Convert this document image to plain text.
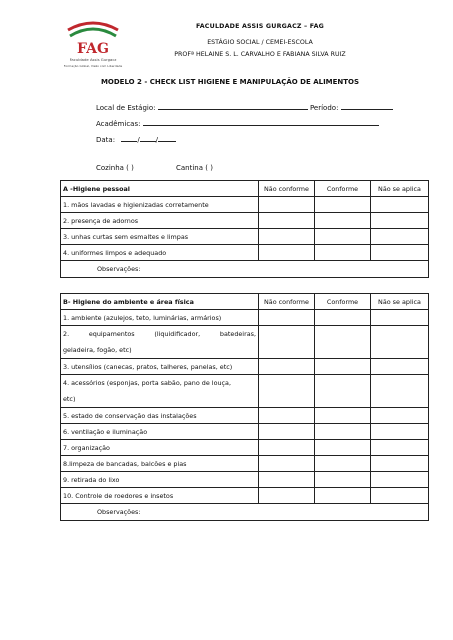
FAG
Faculdade Assis Gurgacz
Formação Global, Visão com Liberdade
FACULDADE ASSIS GURGACZ – FAG
ESTÁGIO SOCIAL / CEMEI-ESCOLA
PROFª HELAINE S. L. CARVALHO E FABIANA SILVA RUIZ
MODELO 2 - CHECK LIST HIGIENE E MANIPULAÇÃO DE ALIMENTOS
Local de Estágio:	Período:
Acadêmicas:
Data:	/ /
Cozinha ( )	Cantina ( )
A -Higiene pessoal	Não conforme	Conforme	Não se aplica
1. mãos lavadas e higienizadas corretamente			
2. presença de adornos			
3. unhas curtas sem esmaltes e limpas			
4. uniformes limpos e adequado			
Observações:			
B- Higiene do ambiente e área física	Não conforme	Conforme	Não se aplica
1. ambiente (azulejos, teto, luminárias, armários)			

2. equipamentos (liquidificador, batedeiras,
geladeira, fogão, etc)			

3. utensílios (canecas, pratos, talheres, panelas, etc)			

4. acessórios (esponjas, porta sabão, pano de louça,
etc)			

5. estado de conservação das instalações			
6. ventilação e iluminação			
7. organização			
8.limpeza de bancadas, balcões e pias			
9. retirada do lixo			
10. Controle de roedores e insetos			
Observações:			
